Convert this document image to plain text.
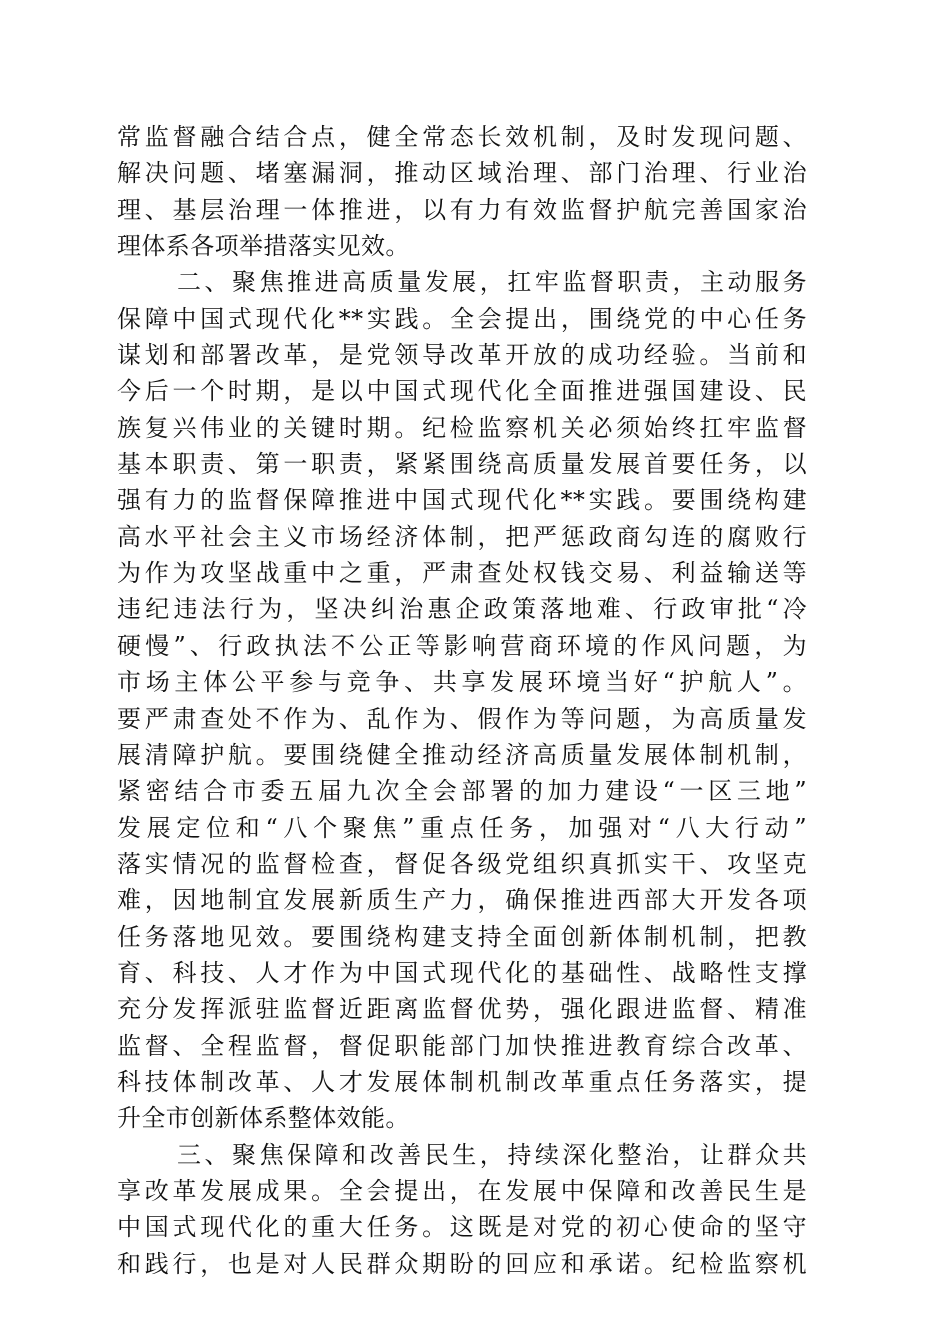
常监督融合结合点，健全常态长效机制，及时发现问题、
解决问题、堵塞漏洞，推动区域治理、部门治理、行业治
理、基层治理一体推进，以有力有效监督护航完善国家治
理体系各项举措落实见效。
二、聚焦推进高质量发展，扛牢监督职责，主动服务
保障中国式现代化**实践。全会提出，围绕党的中心任务
谋划和部署改革，是党领导改革开放的成功经验。当前和
今后一个时期，是以中国式现代化全面推进强国建设、民
族复兴伟业的关键时期。纪检监察机关必须始终扛牢监督
基本职责、第一职责，紧紧围绕高质量发展首要任务，以
强有力的监督保障推进中国式现代化**实践。要围绕构建
高水平社会主义市场经济体制，把严惩政商勾连的腐败行
为作为攻坚战重中之重，严肃查处权钱交易、利益输送等
违纪违法行为，坚决纠治惠企政策落地难、行政审批“冷
硬慢”、行政执法不公正等影响营商环境的作风问题，为
市场主体公平参与竞争、共享发展环境当好“护航人”。
要严肃查处不作为、乱作为、假作为等问题，为高质量发
展清障护航。要围绕健全推动经济高质量发展体制机制，
紧密结合市委五届九次全会部署的加力建设“一区三地”
发展定位和“八个聚焦”重点任务，加强对“八大行动”
落实情况的监督检查，督促各级党组织真抓实干、攻坚克
难，因地制宜发展新质生产力，确保推进西部大开发各项
任务落地见效。要围绕构建支持全面创新体制机制，把教
育、科技、人才作为中国式现代化的基础性、战略性支撑
充分发挥派驻监督近距离监督优势，强化跟进监督、精准
监督、全程监督，督促职能部门加快推进教育综合改革、
科技体制改革、人才发展体制机制改革重点任务落实，提
升全市创新体系整体效能。
三、聚焦保障和改善民生，持续深化整治，让群众共
享改革发展成果。全会提出，在发展中保障和改善民生是
中国式现代化的重大任务。这既是对党的初心使命的坚守
和践行，也是对人民群众期盼的回应和承诺。纪检监察机
